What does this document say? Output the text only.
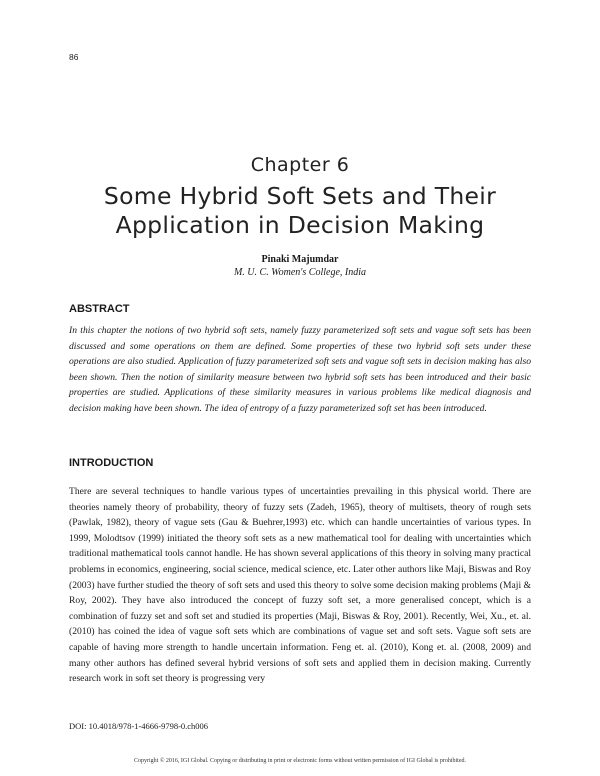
86
Chapter 6
Some Hybrid Soft Sets and Their Application in Decision Making
Pinaki Majumdar
M. U. C. Women's College, India
ABSTRACT
In this chapter the notions of two hybrid soft sets, namely fuzzy parameterized soft sets and vague soft sets has been discussed and some operations on them are defined. Some properties of these two hybrid soft sets under these operations are also studied. Application of fuzzy parameterized soft sets and vague soft sets in decision making has also been shown. Then the notion of similarity measure between two hybrid soft sets has been introduced and their basic properties are studied. Applications of these similarity measures in various problems like medical diagnosis and decision making have been shown. The idea of entropy of a fuzzy parameterized soft set has been introduced.
INTRODUCTION
There are several techniques to handle various types of uncertainties prevailing in this physical world. There are theories namely theory of probability, theory of fuzzy sets (Zadeh, 1965), theory of multisets, theory of rough sets (Pawlak, 1982), theory of vague sets (Gau & Buehrer,1993) etc. which can handle uncertainties of various types. In 1999, Molodtsov (1999) initiated the theory soft sets as a new mathematical tool for dealing with uncertainties which traditional mathematical tools cannot handle. He has shown several applications of this theory in solving many practical problems in economics, engineering, social science, medical science, etc. Later other authors like Maji, Biswas and Roy (2003) have further studied the theory of soft sets and used this theory to solve some decision making problems (Maji & Roy, 2002). They have also introduced the concept of fuzzy soft set, a more generalised concept, which is a combination of fuzzy set and soft set and studied its properties (Maji, Biswas & Roy, 2001). Recently, Wei, Xu., et. al. (2010) has coined the idea of vague soft sets which are combinations of vague set and soft sets. Vague soft sets are capable of having more strength to handle uncertain information. Feng et. al. (2010), Kong et. al. (2008, 2009) and many other authors has defined several hybrid versions of soft sets and applied them in decision making. Currently research work in soft set theory is progressing very
DOI: 10.4018/978-1-4666-9798-0.ch006
Copyright © 2016, IGI Global. Copying or distributing in print or electronic forms without written permission of IGI Global is prohibited.
